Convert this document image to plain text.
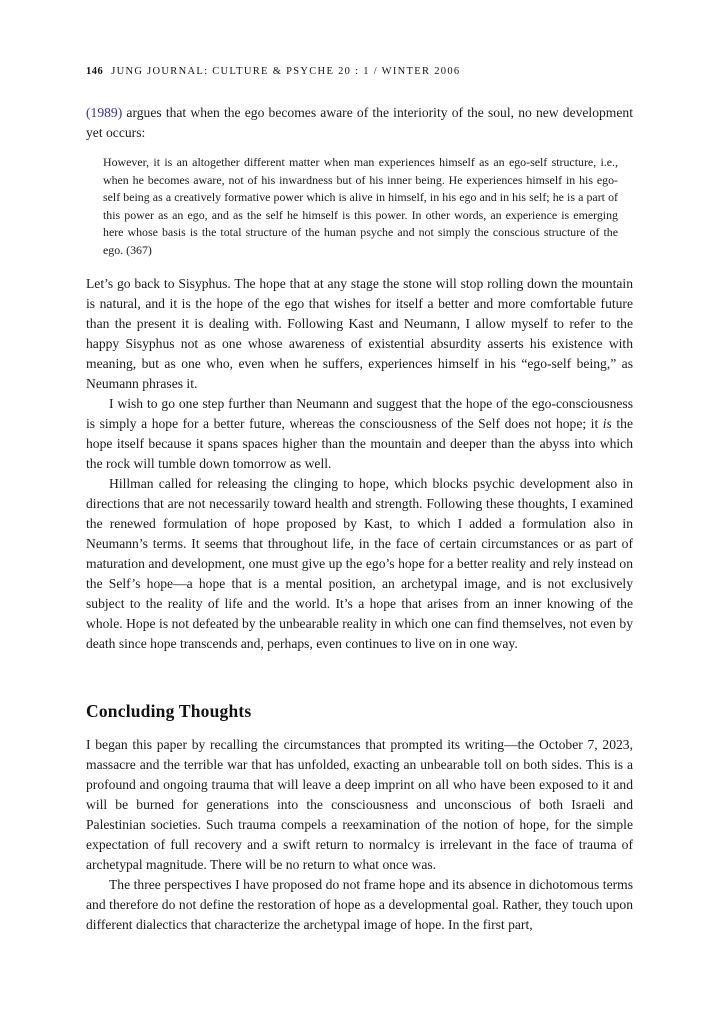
146 JUNG JOURNAL: CULTURE & PSYCHE 20 : 1 / WINTER 2006

(1989) argues that when the ego becomes aware of the interiority of the soul, no new development yet occurs:

However, it is an altogether different matter when man experiences himself as an ego-self structure, i.e., when he becomes aware, not of his inwardness but of his inner being. He experiences himself in his ego-self being as a creatively formative power which is alive in himself, in his ego and in his self; he is a part of this power as an ego, and as the self he himself is this power. In other words, an experience is emerging here whose basis is the total structure of the human psyche and not simply the conscious structure of the ego. (367)

Let’s go back to Sisyphus. The hope that at any stage the stone will stop rolling down the mountain is natural, and it is the hope of the ego that wishes for itself a better and more comfortable future than the present it is dealing with. Following Kast and Neumann, I allow myself to refer to the happy Sisyphus not as one whose awareness of existential absurdity asserts his existence with meaning, but as one who, even when he suffers, experiences himself in his “ego-self being,” as Neumann phrases it.

I wish to go one step further than Neumann and suggest that the hope of the ego-consciousness is simply a hope for a better future, whereas the consciousness of the Self does not hope; it is the hope itself because it spans spaces higher than the mountain and deeper than the abyss into which the rock will tumble down tomorrow as well.

Hillman called for releasing the clinging to hope, which blocks psychic development also in directions that are not necessarily toward health and strength. Following these thoughts, I examined the renewed formulation of hope proposed by Kast, to which I added a formulation also in Neumann’s terms. It seems that throughout life, in the face of certain circumstances or as part of maturation and development, one must give up the ego’s hope for a better reality and rely instead on the Self’s hope—a hope that is a mental position, an archetypal image, and is not exclusively subject to the reality of life and the world. It’s a hope that arises from an inner knowing of the whole. Hope is not defeated by the unbearable reality in which one can find themselves, not even by death since hope transcends and, perhaps, even continues to live on in one way.

Concluding Thoughts

I began this paper by recalling the circumstances that prompted its writing—the October 7, 2023, massacre and the terrible war that has unfolded, exacting an unbearable toll on both sides. This is a profound and ongoing trauma that will leave a deep imprint on all who have been exposed to it and will be burned for generations into the consciousness and unconscious of both Israeli and Palestinian societies. Such trauma compels a reexamination of the notion of hope, for the simple expectation of full recovery and a swift return to normalcy is irrelevant in the face of trauma of archetypal magnitude. There will be no return to what once was.

The three perspectives I have proposed do not frame hope and its absence in dichotomous terms and therefore do not define the restoration of hope as a developmental goal. Rather, they touch upon different dialectics that characterize the archetypal image of hope. In the first part,
